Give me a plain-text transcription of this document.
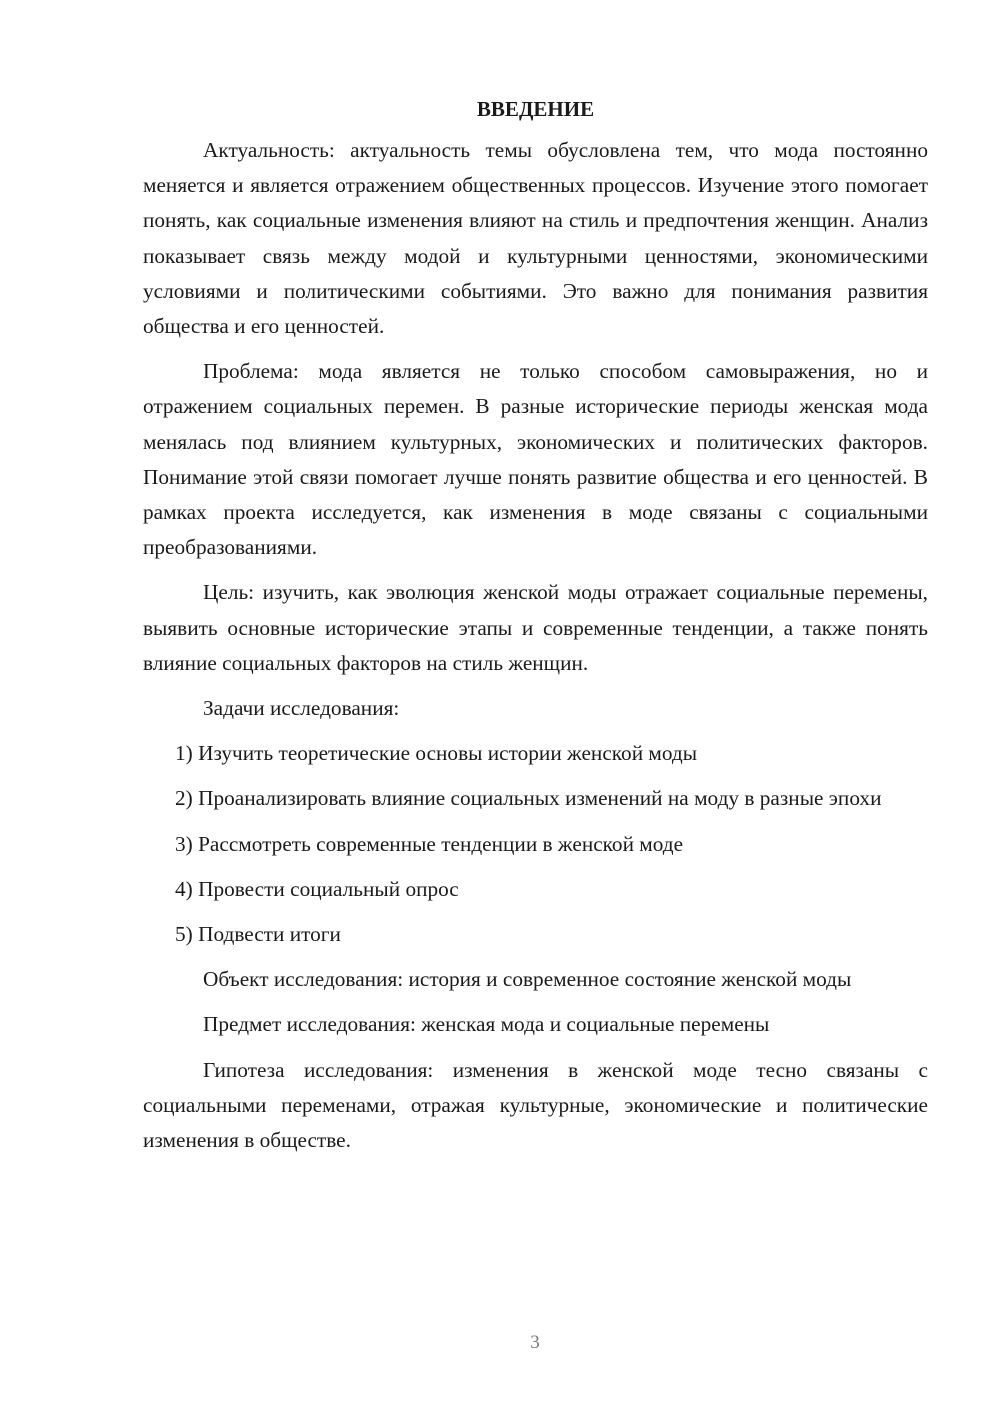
ВВЕДЕНИЕ

Актуальность: актуальность темы обусловлена тем, что мода постоянно меняется и является отражением общественных процессов. Изучение этого помогает понять, как социальные изменения влияют на стиль и предпочтения женщин. Анализ показывает связь между модой и культурными ценностями, экономическими условиями и политическими событиями. Это важно для понимания развития общества и его ценностей.

Проблема: мода является не только способом самовыражения, но и отражением социальных перемен. В разные исторические периоды женская мода менялась под влиянием культурных, экономических и политических факторов. Понимание этой связи помогает лучше понять развитие общества и его ценностей. В рамках проекта исследуется, как изменения в моде связаны с социальными преобразованиями.

Цель: изучить, как эволюция женской моды отражает социальные перемены, выявить основные исторические этапы и современные тенденции, а также понять влияние социальных факторов на стиль женщин.

Задачи исследования:

1) Изучить теоретические основы истории женской моды

2) Проанализировать влияние социальных изменений на моду в разные эпохи

3) Рассмотреть современные тенденции в женской моде

4) Провести социальный опрос

5) Подвести итоги

Объект исследования: история и современное состояние женской моды

Предмет исследования: женская мода и социальные перемены

Гипотеза исследования: изменения в женской моде тесно связаны с социальными переменами, отражая культурные, экономические и политические изменения в обществе.

3
